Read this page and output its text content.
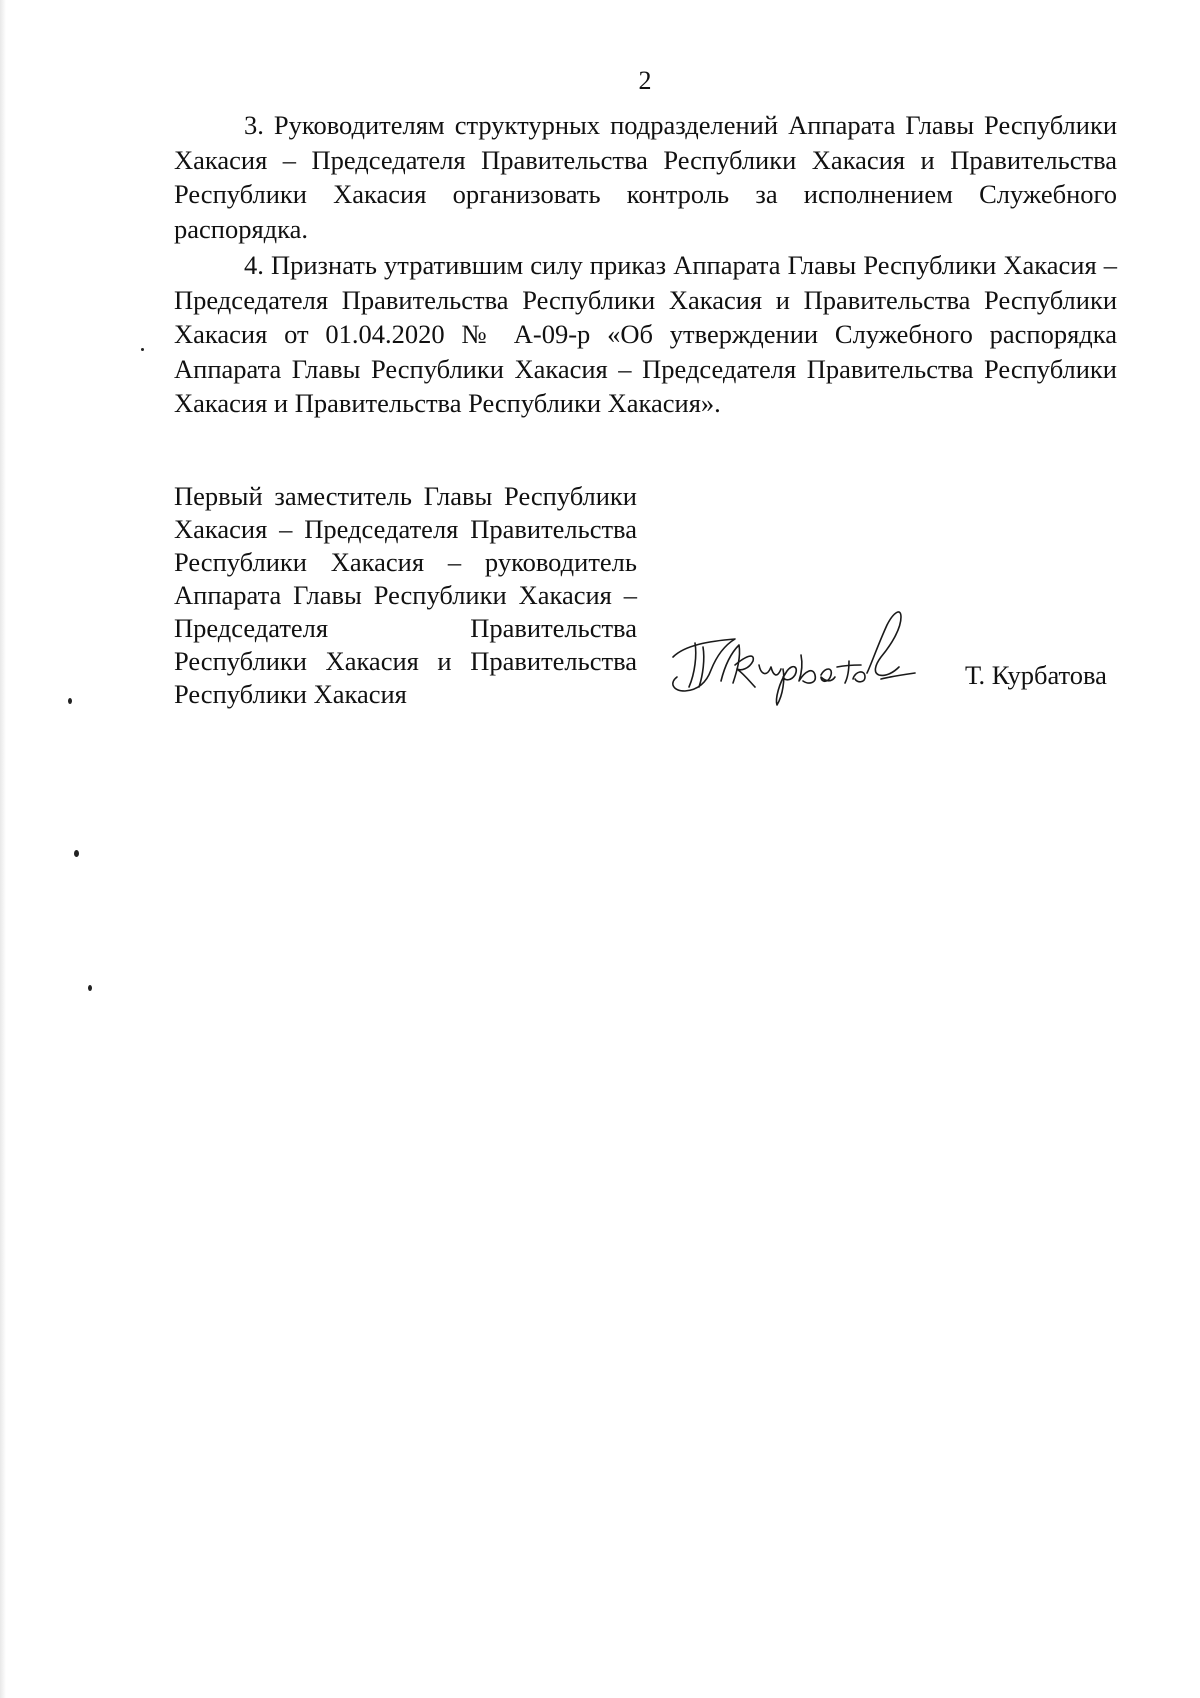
2

3. Руководителям структурных подразделений Аппарата Главы Республики Хакасия – Председателя Правительства Республики Хакасия и Правительства Республики Хакасия организовать контроль за исполнением Служебного распорядка.

4. Признать утратившим силу приказ Аппарата Главы Республики Хакасия – Председателя Правительства Республики Хакасия и Правительства Республики Хакасия от 01.04.2020 № А-09-р «Об утверждении Служебного распорядка Аппарата Главы Республики Хакасия – Председателя Правительства Республики Хакасия и Правительства Республики Хакасия».

Первый заместитель Главы Республики
Хакасия – Председателя Правительства
Республики Хакасия – руководитель
Аппарата Главы Республики Хакасия –
Председателя Правительства
Республики Хакасия и Правительства
Республики Хакасия
Т. Курбатова
